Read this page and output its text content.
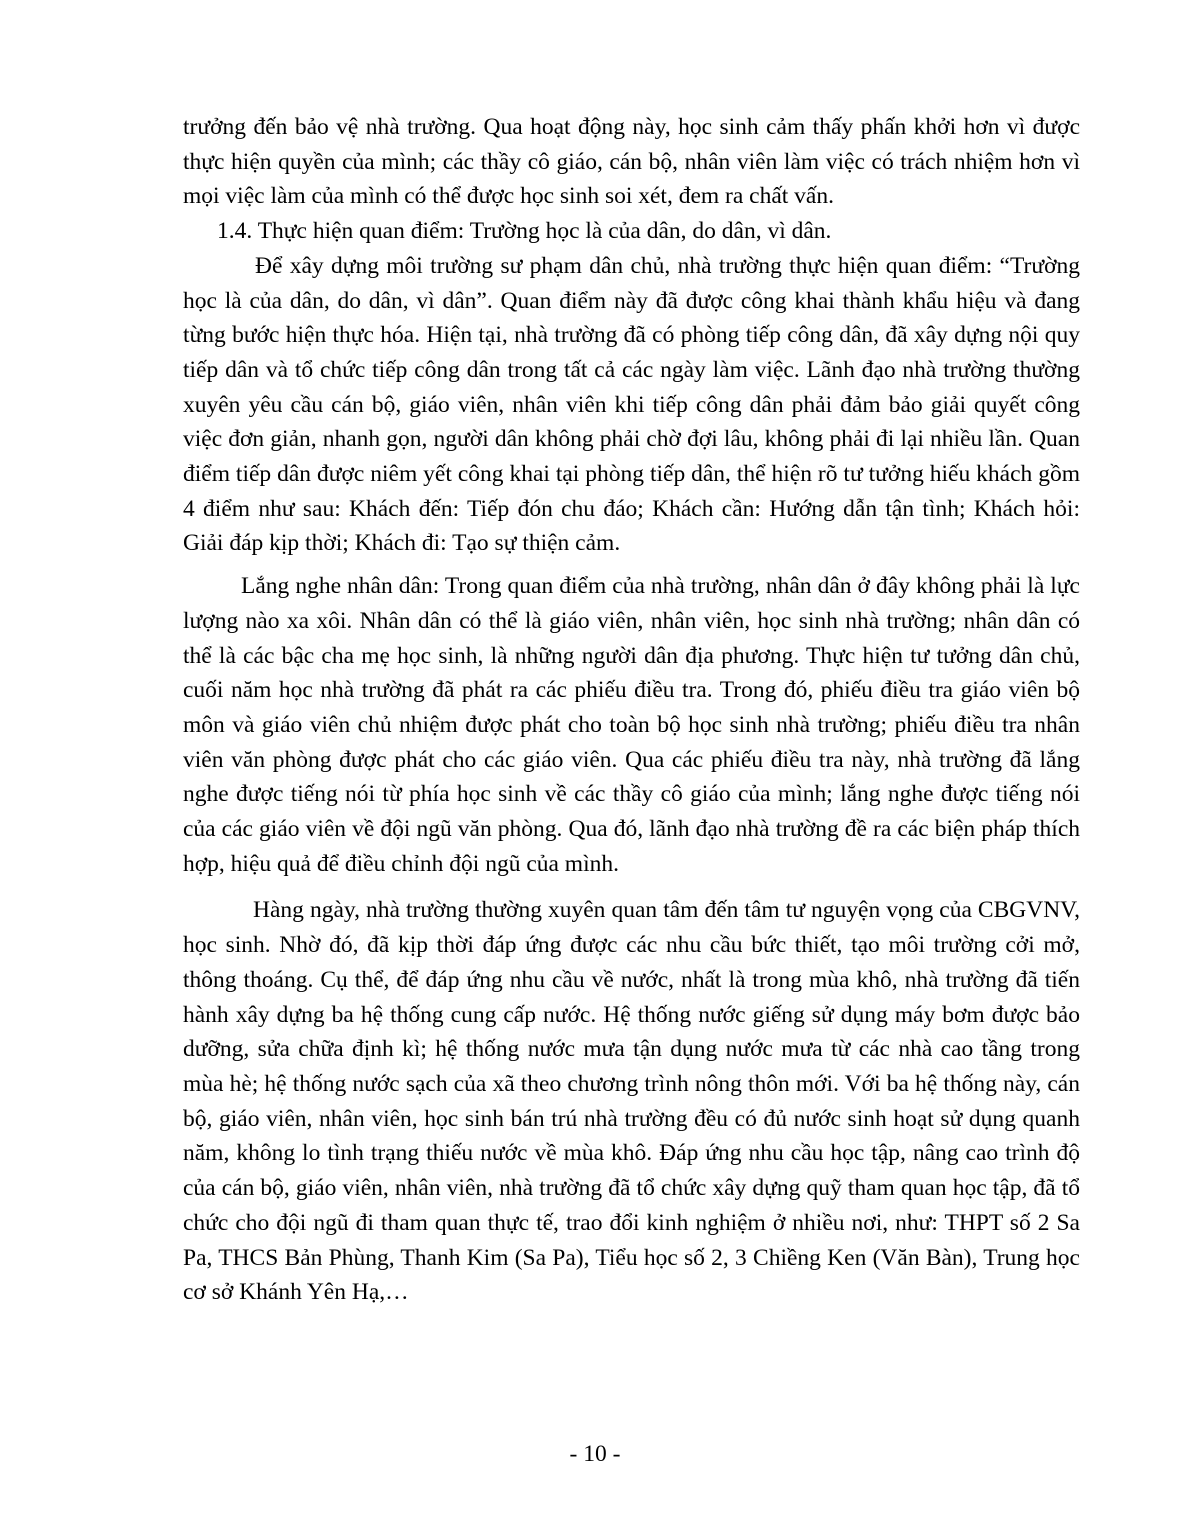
trưởng đến bảo vệ nhà trường. Qua hoạt động này, học sinh cảm thấy phấn khởi hơn vì được thực hiện quyền của mình; các thầy cô giáo, cán bộ, nhân viên làm việc có trách nhiệm hơn vì mọi việc làm của mình có thể được học sinh soi xét, đem ra chất vấn.

1.4. Thực hiện quan điểm: Trường học là của dân, do dân, vì dân.

Để xây dựng môi trường sư phạm dân chủ, nhà trường thực hiện quan điểm: “Trường học là của dân, do dân, vì dân”. Quan điểm này đã được công khai thành khẩu hiệu và đang từng bước hiện thực hóa. Hiện tại, nhà trường đã có phòng tiếp công dân, đã xây dựng nội quy tiếp dân và tổ chức tiếp công dân trong tất cả các ngày làm việc. Lãnh đạo nhà trường thường xuyên yêu cầu cán bộ, giáo viên, nhân viên khi tiếp công dân phải đảm bảo giải quyết công việc đơn giản, nhanh gọn, người dân không phải chờ đợi lâu, không phải đi lại nhiều lần. Quan điểm tiếp dân được niêm yết công khai tại phòng tiếp dân, thể hiện rõ tư tưởng hiếu khách gồm 4 điểm như sau: Khách đến: Tiếp đón chu đáo; Khách cần: Hướng dẫn tận tình; Khách hỏi: Giải đáp kịp thời; Khách đi: Tạo sự thiện cảm.

Lắng nghe nhân dân: Trong quan điểm của nhà trường, nhân dân ở đây không phải là lực lượng nào xa xôi. Nhân dân có thể là giáo viên, nhân viên, học sinh nhà trường; nhân dân có thể là các bậc cha mẹ học sinh, là những người dân địa phương. Thực hiện tư tưởng dân chủ, cuối năm học nhà trường đã phát ra các phiếu điều tra. Trong đó, phiếu điều tra giáo viên bộ môn và giáo viên chủ nhiệm được phát cho toàn bộ học sinh nhà trường; phiếu điều tra nhân viên văn phòng được phát cho các giáo viên. Qua các phiếu điều tra này, nhà trường đã lắng nghe được tiếng nói từ phía học sinh về các thầy cô giáo của mình; lắng nghe được tiếng nói của các giáo viên về đội ngũ văn phòng. Qua đó, lãnh đạo nhà trường đề ra các biện pháp thích hợp, hiệu quả để điều chỉnh đội ngũ của mình.

Hàng ngày, nhà trường thường xuyên quan tâm đến tâm tư nguyện vọng của CBGVNV, học sinh. Nhờ đó, đã kịp thời đáp ứng được các nhu cầu bức thiết, tạo môi trường cởi mở, thông thoáng. Cụ thể, để đáp ứng nhu cầu về nước, nhất là trong mùa khô, nhà trường đã tiến hành xây dựng ba hệ thống cung cấp nước. Hệ thống nước giếng sử dụng máy bơm được bảo dưỡng, sửa chữa định kì; hệ thống nước mưa tận dụng nước mưa từ các nhà cao tầng trong mùa hè; hệ thống nước sạch của xã theo chương trình nông thôn mới. Với ba hệ thống này, cán bộ, giáo viên, nhân viên, học sinh bán trú nhà trường đều có đủ nước sinh hoạt sử dụng quanh năm, không lo tình trạng thiếu nước về mùa khô. Đáp ứng nhu cầu học tập, nâng cao trình độ của cán bộ, giáo viên, nhân viên, nhà trường đã tổ chức xây dựng quỹ tham quan học tập, đã tổ chức cho đội ngũ đi tham quan thực tế, trao đổi kinh nghiệm ở nhiều nơi, như: THPT số 2 Sa Pa, THCS Bản Phùng, Thanh Kim (Sa Pa), Tiểu học số 2, 3 Chiềng Ken (Văn Bàn), Trung học cơ sở Khánh Yên Hạ,…

- 10 -
